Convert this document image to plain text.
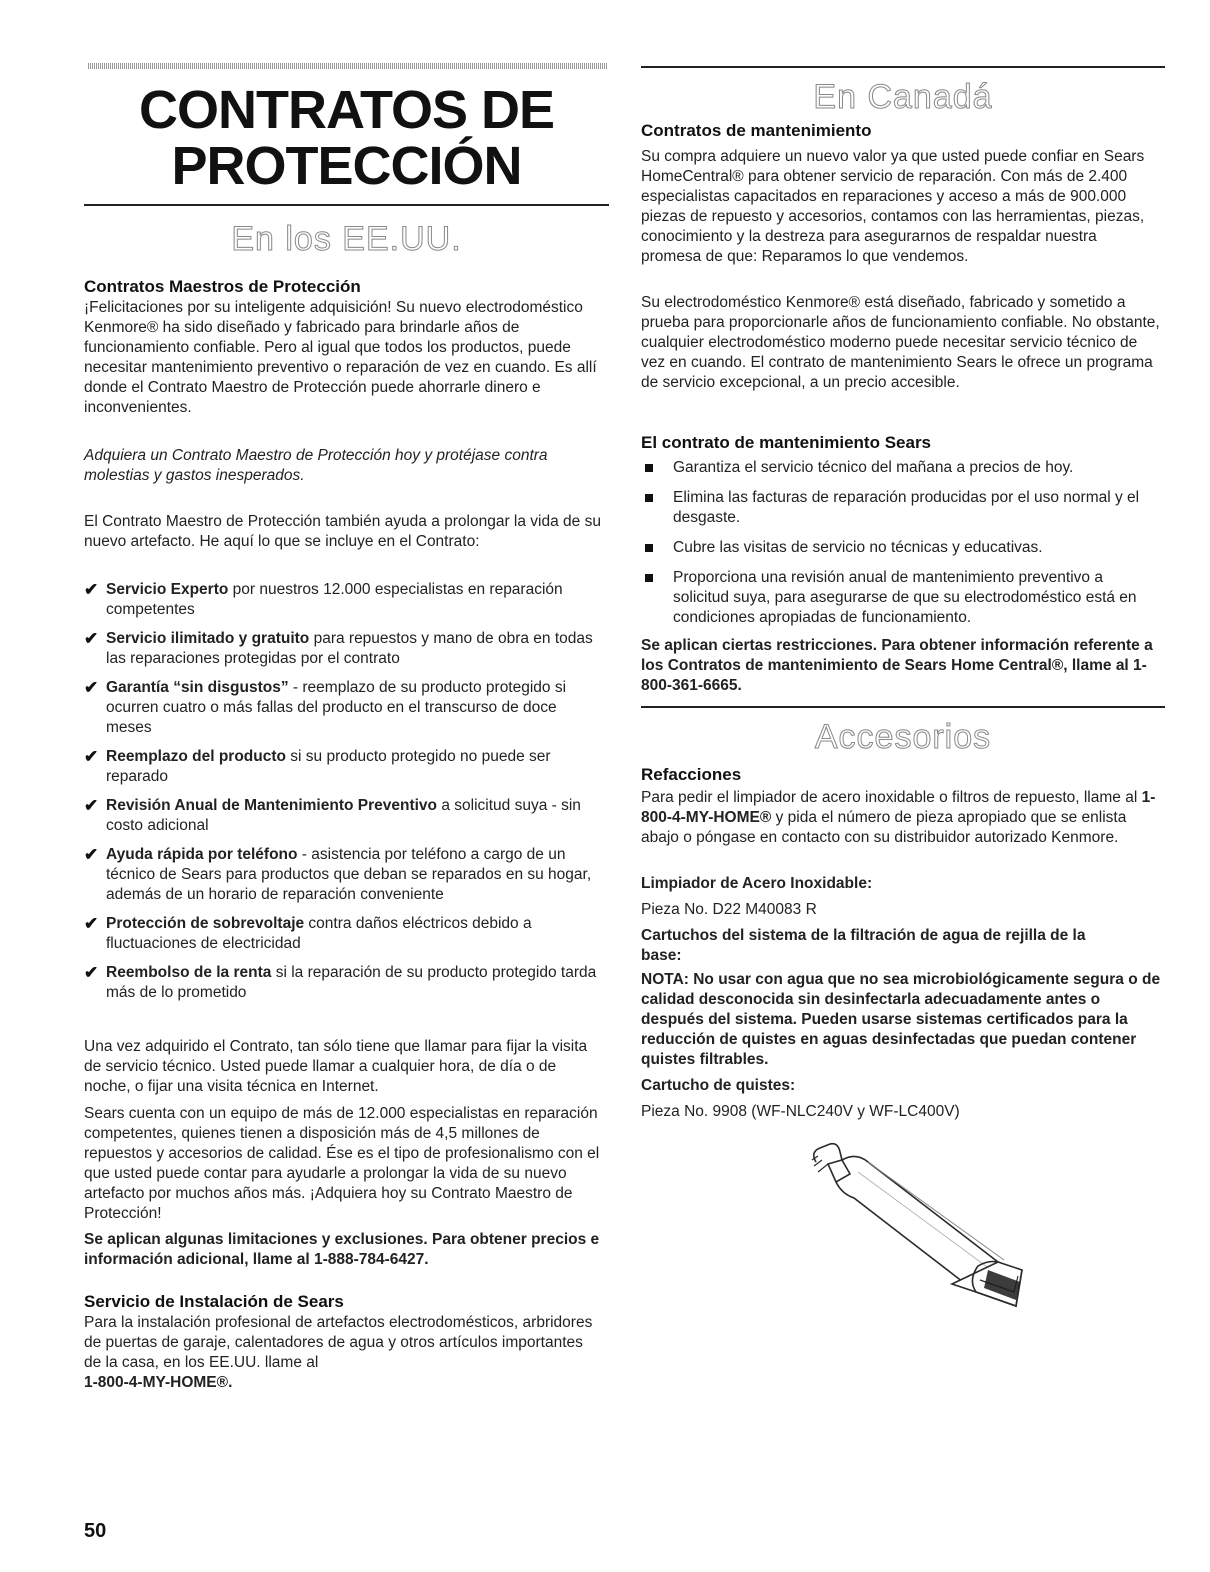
CONTRATOS DE
PROTECCIÓN
En los EE.UU.
Contratos Maestros de Protección

¡Felicitaciones por su inteligente adquisición! Su nuevo electrodoméstico Kenmore® ha sido diseñado y fabricado para brindarle años de funcionamiento confiable. Pero al igual que todos los productos, puede necesitar mantenimiento preventivo o reparación de vez en cuando. Es allí donde el Contrato Maestro de Protección puede ahorrarle dinero e inconvenientes.

Adquiera un Contrato Maestro de Protección hoy y protéjase contra molestias y gastos inesperados.

El Contrato Maestro de Protección también ayuda a prolongar la vida de su nuevo artefacto. He aquí lo que se incluye en el Contrato:

✔ Servicio Experto por nuestros 12.000 especialistas en reparación competentes
✔ Servicio ilimitado y gratuito para repuestos y mano de obra en todas las reparaciones protegidas por el contrato
✔ Garantía “sin disgustos” - reemplazo de su producto protegido si ocurren cuatro o más fallas del producto en el transcurso de doce meses
✔ Reemplazo del producto si su producto protegido no puede ser reparado
✔ Revisión Anual de Mantenimiento Preventivo a solicitud suya - sin costo adicional
✔ Ayuda rápida por teléfono - asistencia por teléfono a cargo de un técnico de Sears para productos que deban se reparados en su hogar, además de un horario de reparación conveniente
✔ Protección de sobrevoltaje contra daños eléctricos debido a fluctuaciones de electricidad
✔ Reembolso de la renta si la reparación de su producto protegido tarda más de lo prometido

Una vez adquirido el Contrato, tan sólo tiene que llamar para fijar la visita de servicio técnico. Usted puede llamar a cualquier hora, de día o de noche, o fijar una visita técnica en Internet.

Sears cuenta con un equipo de más de 12.000 especialistas en reparación competentes, quienes tienen a disposición más de 4,5 millones de repuestos y accesorios de calidad. Ése es el tipo de profesionalismo con el que usted puede contar para ayudarle a prolongar la vida de su nuevo artefacto por muchos años más. ¡Adquiera hoy su Contrato Maestro de Protección!

Se aplican algunas limitaciones y exclusiones. Para obtener precios e información adicional, llame al 1-888-784-6427.

Servicio de Instalación de Sears

Para la instalación profesional de artefactos electrodomésticos, arbridores de puertas de garaje, calentadores de agua y otros artículos importantes de la casa, en los EE.UU. llame al
1-800-4-MY-HOME®.

50
En Canadá
Contratos de mantenimiento

Su compra adquiere un nuevo valor ya que usted puede confiar en Sears HomeCentral® para obtener servicio de reparación. Con más de 2.400 especialistas capacitados en reparaciones y acceso a más de 900.000 piezas de repuesto y accesorios, contamos con las herramientas, piezas, conocimiento y la destreza para asegurarnos de respaldar nuestra promesa de que: Reparamos lo que vendemos.

Su electrodoméstico Kenmore® está diseñado, fabricado y sometido a prueba para proporcionarle años de funcionamiento confiable. No obstante, cualquier electrodoméstico moderno puede necesitar servicio técnico de vez en cuando. El contrato de mantenimiento Sears le ofrece un programa de servicio excepcional, a un precio accesible.

El contrato de mantenimiento Sears
Garantiza el servicio técnico del mañana a precios de hoy.
Elimina las facturas de reparación producidas por el uso normal y el desgaste.
Cubre las visitas de servicio no técnicas y educativas.
Proporciona una revisión anual de mantenimiento preventivo a solicitud suya, para asegurarse de que su electrodoméstico está en condiciones apropiadas de funcionamiento.

Se aplican ciertas restricciones. Para obtener información referente a los Contratos de mantenimiento de Sears Home Central®, llame al 1-800-361-6665.

Accesorios
Refacciones

Para pedir el limpiador de acero inoxidable o filtros de repuesto, llame al 1-800-4-MY-HOME® y pida el número de pieza apropiado que se enlista abajo o póngase en contacto con su distribuidor autorizado Kenmore.

Limpiador de Acero Inoxidable:
Pieza No. D22 M40083 R
Cartuchos del sistema de la filtración de agua de rejilla de la base:

NOTA: No usar con agua que no sea microbiológicamente segura o de calidad desconocida sin desinfectarla adecuadamente antes o después del sistema. Pueden usarse sistemas certificados para la reducción de quistes en aguas desinfectadas que puedan contener quistes filtrables.

Cartucho de quistes:
Pieza No. 9908 (WF-NLC240V y WF-LC400V)
